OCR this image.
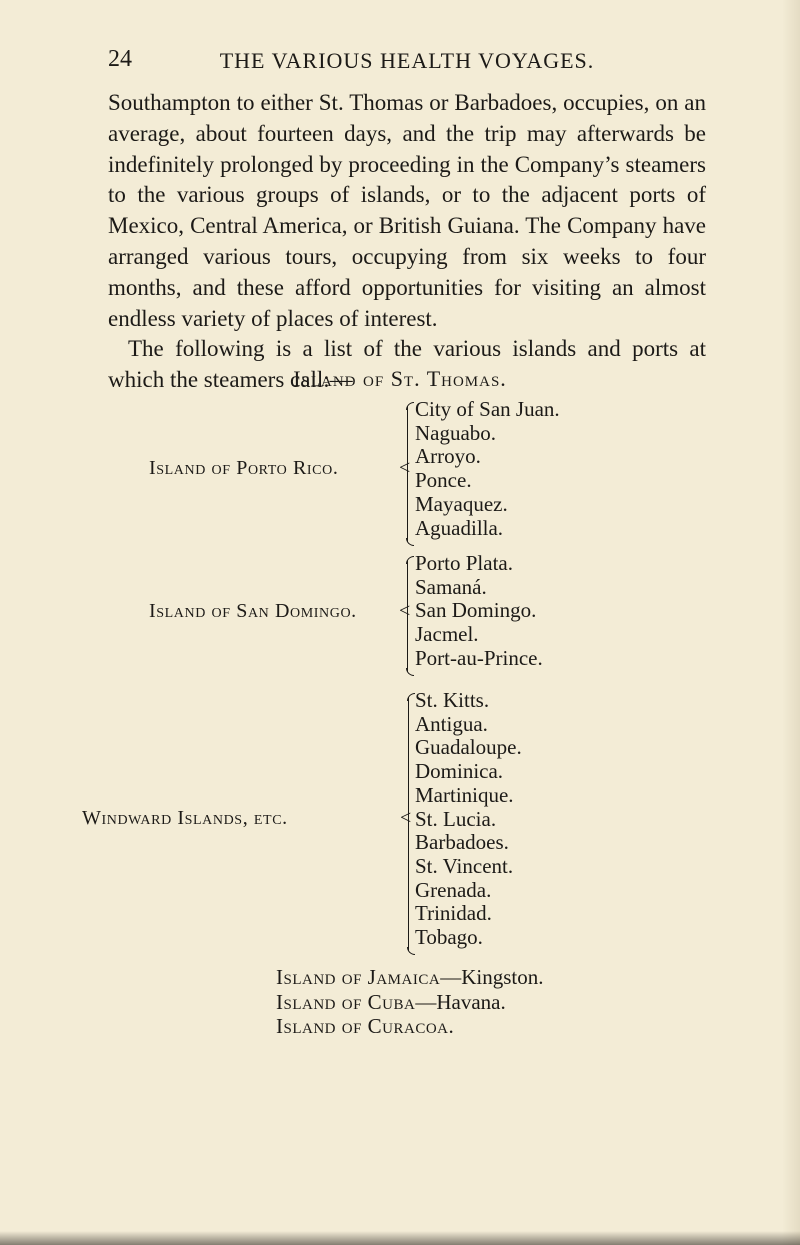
24	THE VARIOUS HEALTH VOYAGES.

Southampton to either St. Thomas or Barbadoes, occupies, on an average, about fourteen days, and the trip may afterwards be indefinitely prolonged by proceeding in the Company’s steamers to the various groups of islands, or to the adjacent ports of Mexico, Central America, or British Guiana. The Company have arranged various tours, occupying from six weeks to four months, and these afford opportunities for visiting an almost endless variety of places of interest.

The following is a list of the various islands and ports at which the steamers call:—

Island of St. Thomas.
Island of Porto Rico.	<
City of San Juan.
Naguabo.
Arroyo.
Ponce.
Mayaquez.
Aguadilla.
Island of San Domingo. <
Porto Plata.
Samaná.
San Domingo.
Jacmel.
Port-au-Prince.
Windward Islands, etc.	<
St. Kitts.
Antigua.
Guadaloupe.
Dominica.
Martinique.
St. Lucia.
Barbadoes.
St. Vincent.
Grenada.
Trinidad.
Tobago.
Island of Jamaica—Kingston.
Island of Cuba—Havana.
Island of Curacoa.
